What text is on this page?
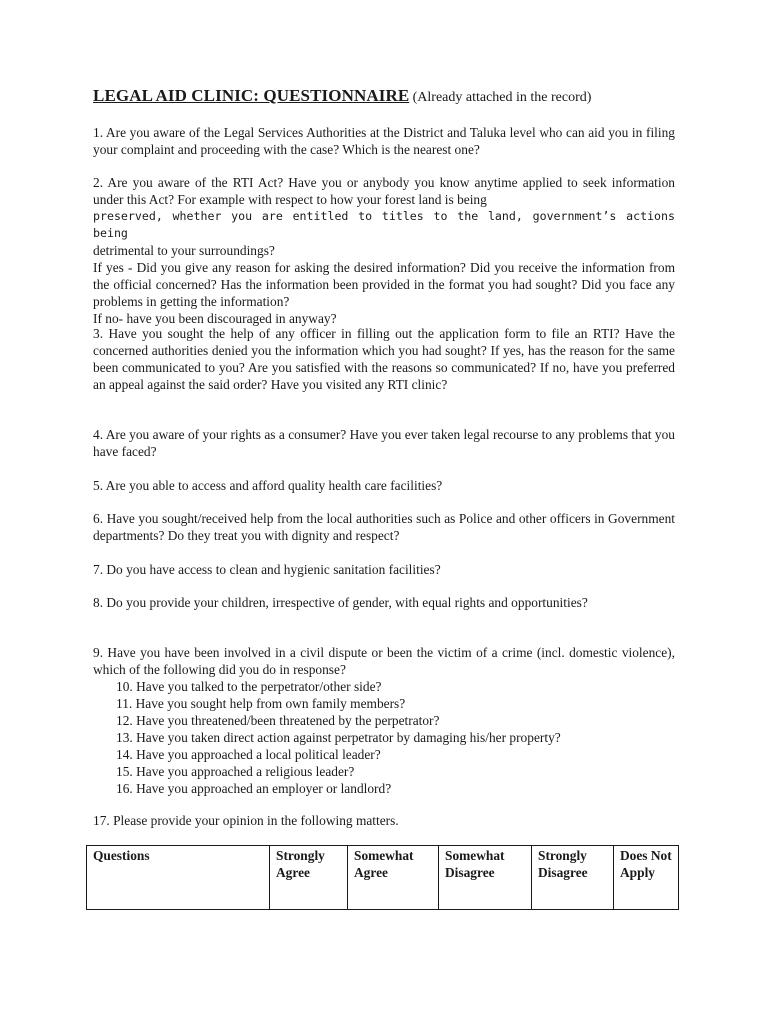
LEGAL AID CLINIC: QUESTIONNAIRE (Already attached in the record)

1. Are you aware of the Legal Services Authorities at the District and Taluka level who can aid you in filing your complaint and proceeding with the case? Which is the nearest one?

2. Are you aware of the RTI Act? Have you or anybody you know anytime applied to seek information under this Act? For example with respect to how your forest land is being

preserved, whether you are entitled to titles to the land, government’s actions being

detrimental to your surroundings?

If yes - Did you give any reason for asking the desired information? Did you receive the information from the official concerned? Has the information been provided in the format you had sought? Did you face any problems in getting the information?

If no- have you been discouraged in anyway?

3. Have you sought the help of any officer in filling out the application form to file an RTI? Have the concerned authorities denied you the information which you had sought? If yes, has the reason for the same been communicated to you? Are you satisfied with the reasons so communicated? If no, have you preferred an appeal against the said order? Have you visited any RTI clinic?

4. Are you aware of your rights as a consumer? Have you ever taken legal recourse to any problems that you have faced?

5. Are you able to access and afford quality health care facilities?

6. Have you sought/received help from the local authorities such as Police and other officers in Government departments? Do they treat you with dignity and respect?

7. Do you have access to clean and hygienic sanitation facilities?

8. Do you provide your children, irrespective of gender, with equal rights and opportunities?

9. Have you have been involved in a civil dispute or been the victim of a crime (incl. domestic violence), which of the following did you do in response?

10. Have you talked to the perpetrator/other side?
11. Have you sought help from own family members?
12. Have you threatened/been threatened by the perpetrator?
13. Have you taken direct action against perpetrator by damaging his/her property?
14. Have you approached a local political leader?
15. Have you approached a religious leader?
16. Have you approached an employer or landlord?

17. Please provide your opinion in the following matters.

Questions	Strongly Agree	Somewhat Agree	Somewhat Disagree	Strongly Disagree	Does Not Apply
